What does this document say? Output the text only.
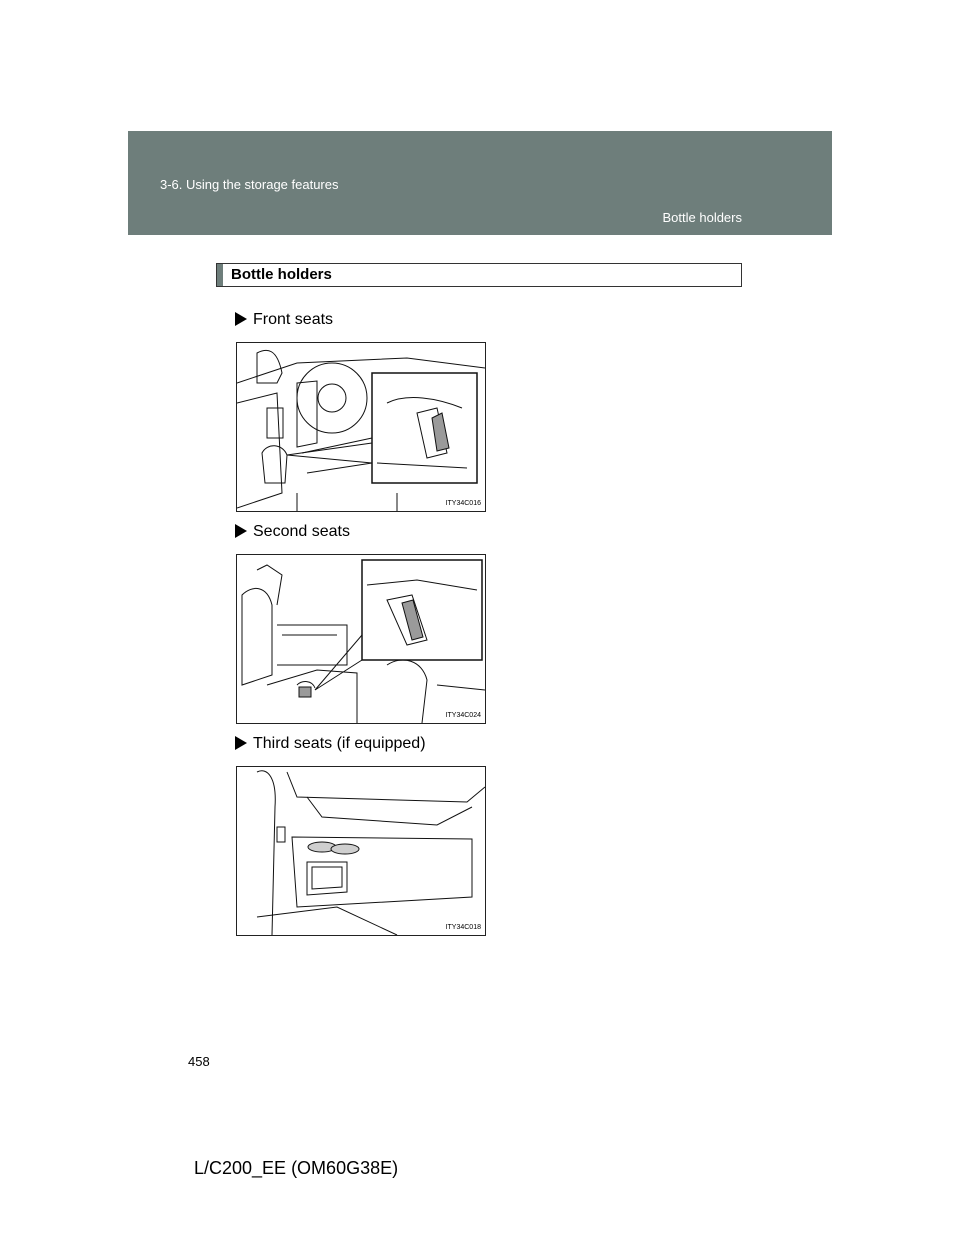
3-6. Using the storage features
Bottle holders
Bottle holders
Front seats
ITY34C016
Second seats
ITY34C024
Third seats (if equipped)
ITY34C018
458
L/C200_EE (OM60G38E)
